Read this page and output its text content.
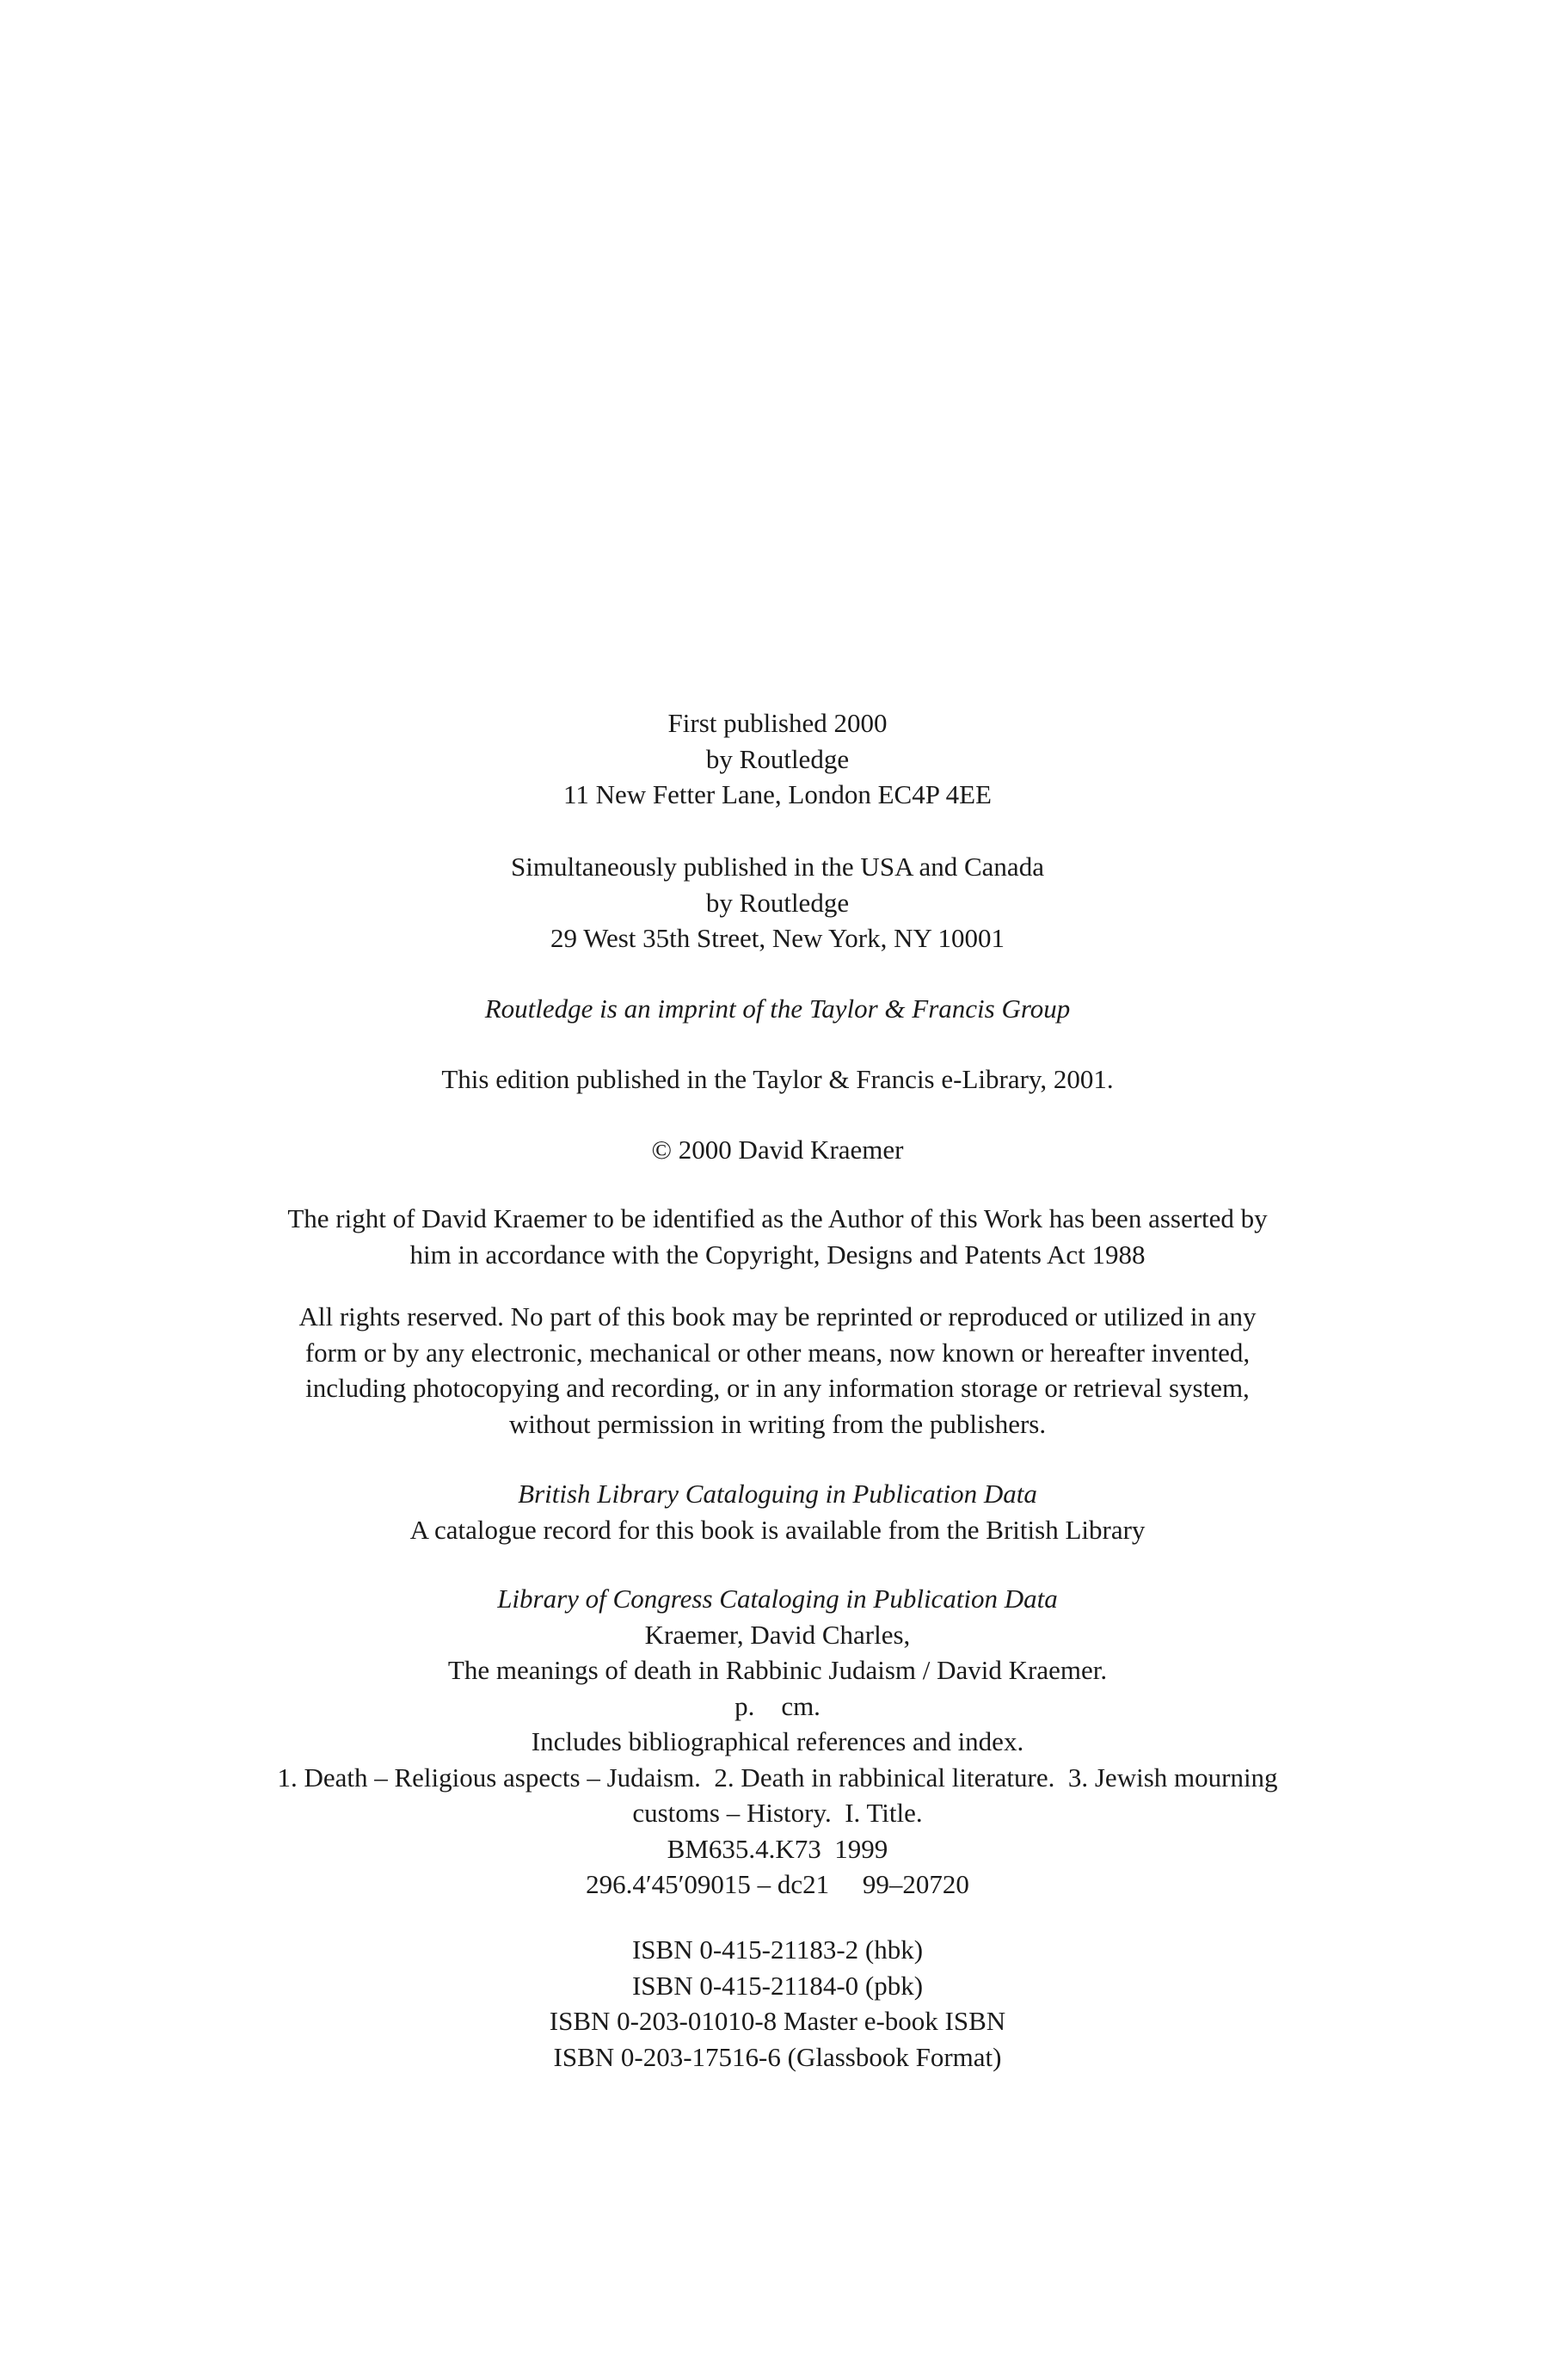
First published 2000
by Routledge
11 New Fetter Lane, London EC4P 4EE
Simultaneously published in the USA and Canada
by Routledge
29 West 35th Street, New York, NY 10001
Routledge is an imprint of the Taylor & Francis Group
This edition published in the Taylor & Francis e-Library, 2001.
© 2000 David Kraemer
The right of David Kraemer to be identified as the Author of this Work has been asserted by
him in accordance with the Copyright, Designs and Patents Act 1988
All rights reserved. No part of this book may be reprinted or reproduced or utilized in any
form or by any electronic, mechanical or other means, now known or hereafter invented,
including photocopying and recording, or in any information storage or retrieval system,
without permission in writing from the publishers.
British Library Cataloguing in Publication Data
A catalogue record for this book is available from the British Library
Library of Congress Cataloging in Publication Data
Kraemer, David Charles,
The meanings of death in Rabbinic Judaism / David Kraemer.
p.    cm.
Includes bibliographical references and index.
1. Death – Religious aspects – Judaism.  2. Death in rabbinical literature.  3. Jewish mourning
customs – History.  I. Title.
BM635.4.K73  1999
296.4′45′09015 – dc21     99–20720
ISBN 0-415-21183-2 (hbk)
ISBN 0-415-21184-0 (pbk)
ISBN 0-203-01010-8 Master e-book ISBN
ISBN 0-203-17516-6 (Glassbook Format)
